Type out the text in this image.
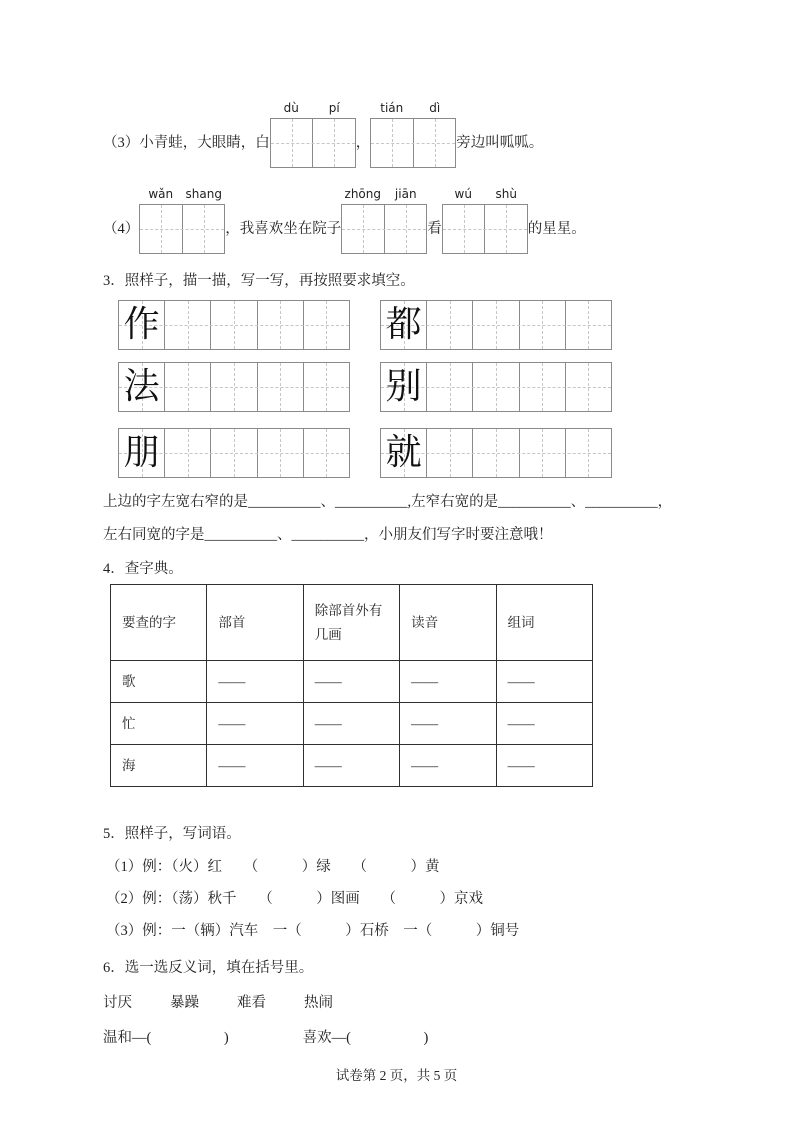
（3）小青蛙，大眼睛，白
dù	pí
，
tián	dì
旁边叫呱呱。
（4）
wǎn	shang
，我喜欢坐在院子
zhōng	jiān
看
wú	shù
的星星。
3．照样子，描一描，写一写，再按照要求填空。
作	都
法	别
朋	就
上边的字左宽右窄的是__________、__________,左窄右宽的是__________、__________，
左右同宽的字是__________、__________，小朋友们写字时要注意哦！
4．查字典。
要查的字	部首	除部首外有几画	读音	组词
歌	——	——	——	——
忙	——	——	——	——
海	——	——	——	——
5．照样子，写词语。
（1）例：（火）红　　（　　　）绿　　（　　　）黄
（2）例：（荡）秋千　　（　　　）图画　　（　　　）京戏
（3）例：一（辆）汽车　一（　　　）石桥　一（　　　）铜号
6．选一选反义词，填在括号里。
讨厌	暴躁	难看	热闹
温和—(　　　　　)	喜欢—(　　　　　)
试卷第 2 页，共 5 页
